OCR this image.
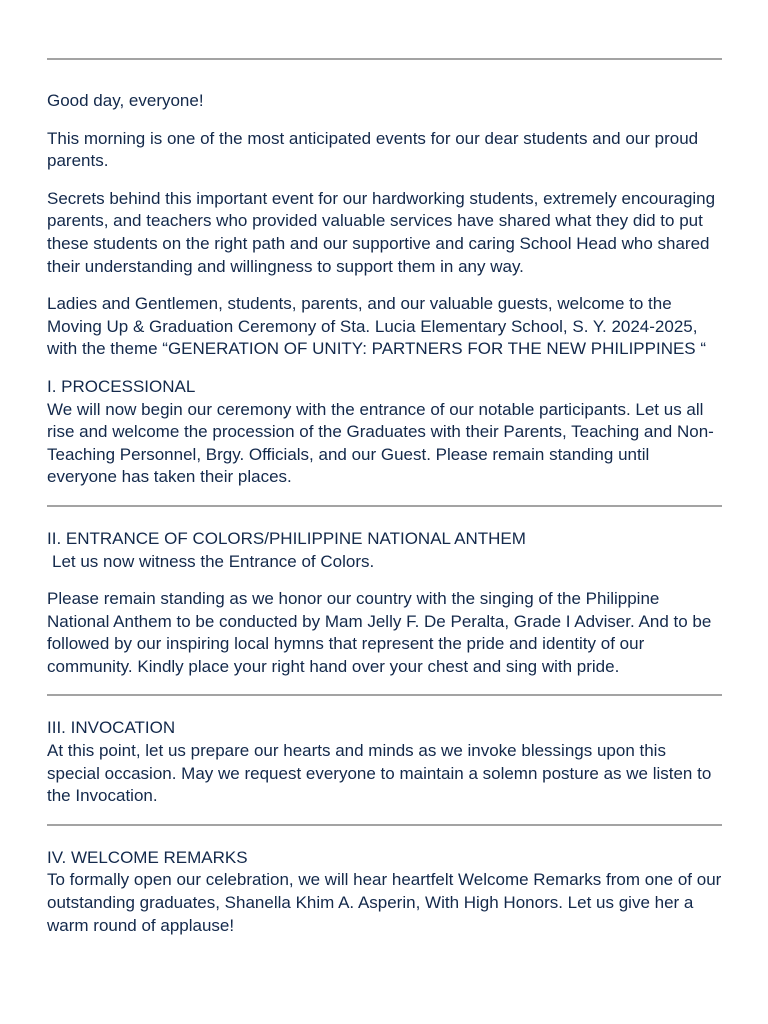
Good day, everyone!

This morning is one of the most anticipated events for our dear students and our proud parents.

Secrets behind this important event for our hardworking students, extremely encouraging parents, and teachers who provided valuable services have shared what they did to put these students on the right path and our supportive and caring School Head who shared their understanding and willingness to support them in any way.

Ladies and Gentlemen, students, parents, and our valuable guests, welcome to the Moving Up & Graduation Ceremony of Sta. Lucia Elementary School, S. Y. 2024-2025, with the theme “GENERATION OF UNITY: PARTNERS FOR THE NEW PHILIPPINES “

I. PROCESSIONAL
We will now begin our ceremony with the entrance of our notable participants. Let us all rise and welcome the procession of the Graduates with their Parents, Teaching and Non-Teaching Personnel, Brgy. Officials, and our Guest. Please remain standing until everyone has taken their places.
II. ENTRANCE OF COLORS/PHILIPPINE NATIONAL ANTHEM

Let us now witness the Entrance of Colors.

Please remain standing as we honor our country with the singing of the Philippine National Anthem to be conducted by Mam Jelly F. De Peralta, Grade I Adviser. And to be followed by our inspiring local hymns that represent the pride and identity of our community. Kindly place your right hand over your chest and sing with pride.
III. INVOCATION
At this point, let us prepare our hearts and minds as we invoke blessings upon this special occasion. May we request everyone to maintain a solemn posture as we listen to the Invocation.
IV. WELCOME REMARKS
To formally open our celebration, we will hear heartfelt Welcome Remarks from one of our outstanding graduates, Shanella Khim A. Asperin, With High Honors. Let us give her a warm round of applause!
